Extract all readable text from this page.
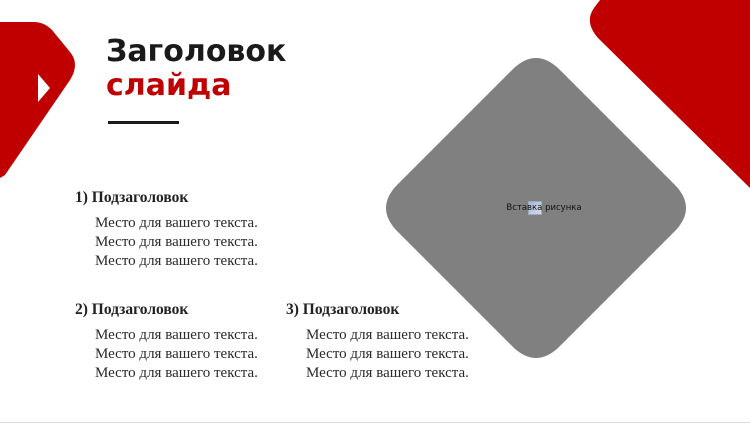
Заголовок
слайда
1) Подзаголовок
Место для вашего текста.
Место для вашего текста.
Место для вашего текста.
2) Подзаголовок
Место для вашего текста.
Место для вашего текста.
Место для вашего текста.
Вставка рисунка
3) Подзаголовок
Место для вашего текста.
Место для вашего текста.
Место для вашего текста.
